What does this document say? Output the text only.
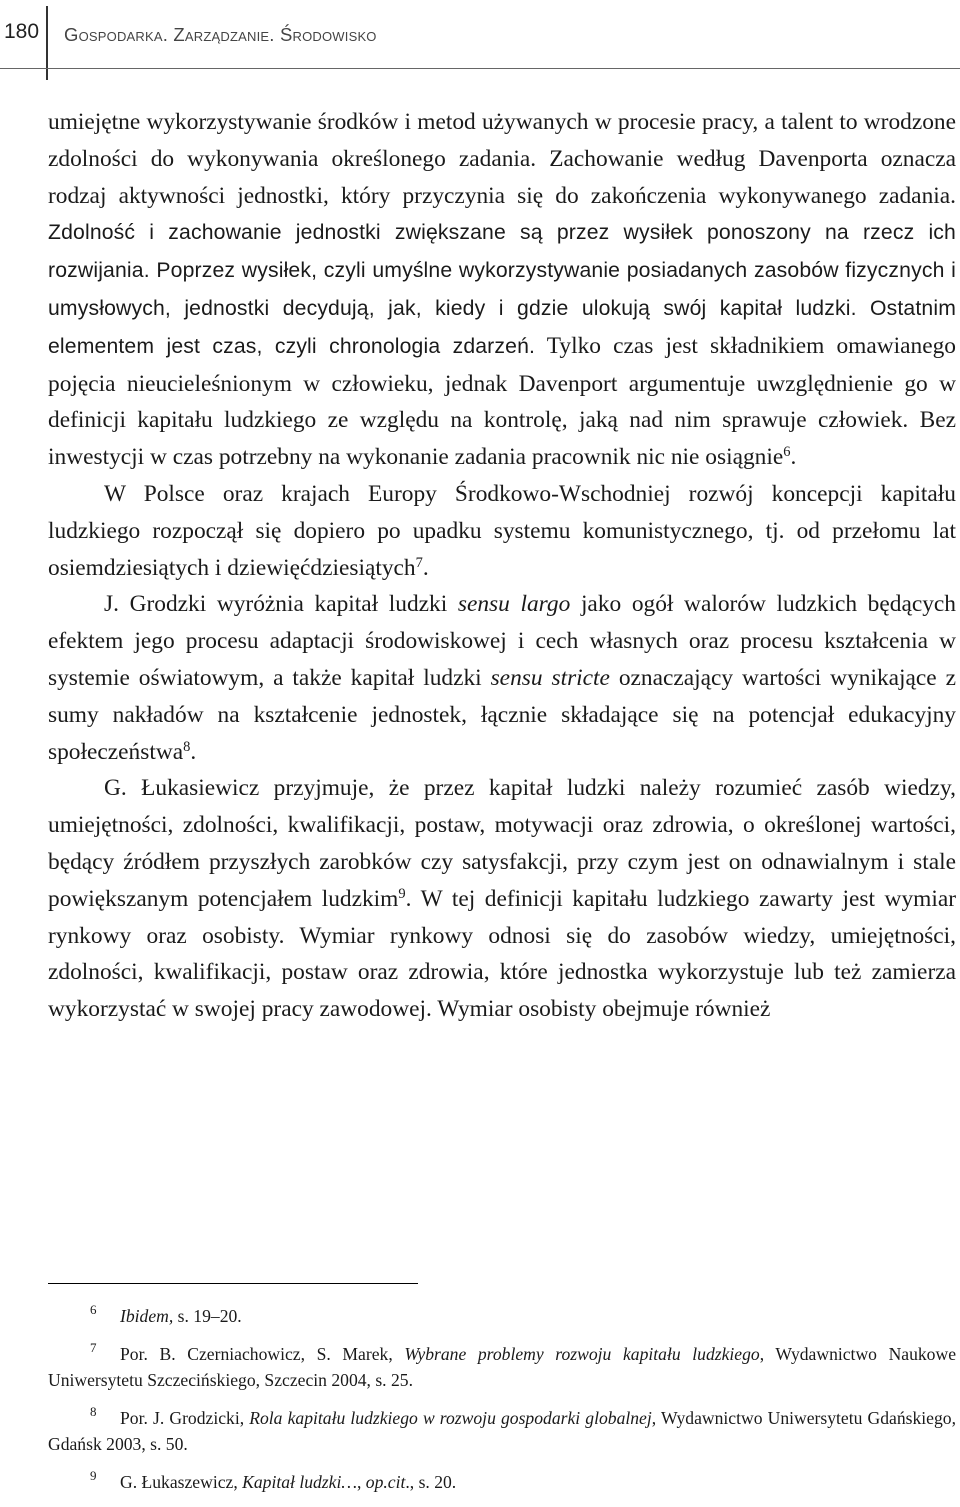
180 Gospodarka. Zarządzanie. Środowisko

umiejętne wykorzystywanie środków i metod używanych w procesie pracy, a talent to wrodzone zdolności do wykonywania określonego zadania. Zachowanie według Davenporta oznacza rodzaj aktywności jednostki, który przyczynia się do zakończenia wykonywanego zadania. Zdolność i zachowanie jednostki zwiększane są przez wysiłek ponoszony na rzecz ich rozwijania. Poprzez wysiłek, czyli umyślne wykorzystywanie posiadanych zasobów fizycznych i umysłowych, jednostki decydują, jak, kiedy i gdzie ulokują swój kapitał ludzki. Ostatnim elementem jest czas, czyli chronologia zdarzeń. Tylko czas jest składnikiem omawianego pojęcia nieucieleśnionym w człowieku, jednak Davenport argumentuje uwzględnienie go w definicji kapitału ludzkiego ze względu na kontrolę, jaką nad nim sprawuje człowiek. Bez inwestycji w czas potrzebny na wykonanie zadania pracownik nic nie osiągnie$^6$.

W Polsce oraz krajach Europy Środkowo-Wschodniej rozwój koncepcji kapitału ludzkiego rozpoczął się dopiero po upadku systemu komunistycznego, tj. od przełomu lat osiemdziesiątych i dziewięćdziesiątych$^7$.

J. Grodzki wyróżnia kapitał ludzki sensu largo jako ogół walorów ludzkich będących efektem jego procesu adaptacji środowiskowej i cech własnych oraz procesu kształcenia w systemie oświatowym, a także kapitał ludzki sensu stricte oznaczający wartości wynikające z sumy nakładów na kształcenie jednostek, łącznie składające się na potencjał edukacyjny społeczeństwa$^8$.

G. Łukasiewicz przyjmuje, że przez kapitał ludzki należy rozumieć zasób wiedzy, umiejętności, zdolności, kwalifikacji, postaw, motywacji oraz zdrowia, o określonej wartości, będący źródłem przyszłych zarobków czy satysfakcji, przy czym jest on odnawialnym i stale powiększanym potencjałem ludzkim$^9$. W tej definicji kapitału ludzkiego zawarty jest wymiar rynkowy oraz osobisty. Wymiar rynkowy odnosi się do zasobów wiedzy, umiejętności, zdolności, kwalifikacji, postaw oraz zdrowia, które jednostka wykorzystuje lub też zamierza wykorzystać w swojej pracy zawodowej. Wymiar osobisty obejmuje również

6 Ibidem, s. 19–20.

7 Por. B. Czerniachowicz, S. Marek, Wybrane problemy rozwoju kapitału ludzkiego, Wydawnictwo Naukowe Uniwersytetu Szczecińskiego, Szczecin 2004, s. 25.

8 Por. J. Grodzicki, Rola kapitału ludzkiego w rozwoju gospodarki globalnej, Wydawnictwo Uniwersytetu Gdańskiego, Gdańsk 2003, s. 50.

9 G. Łukaszewicz, Kapitał ludzki…, op.cit., s. 20.
